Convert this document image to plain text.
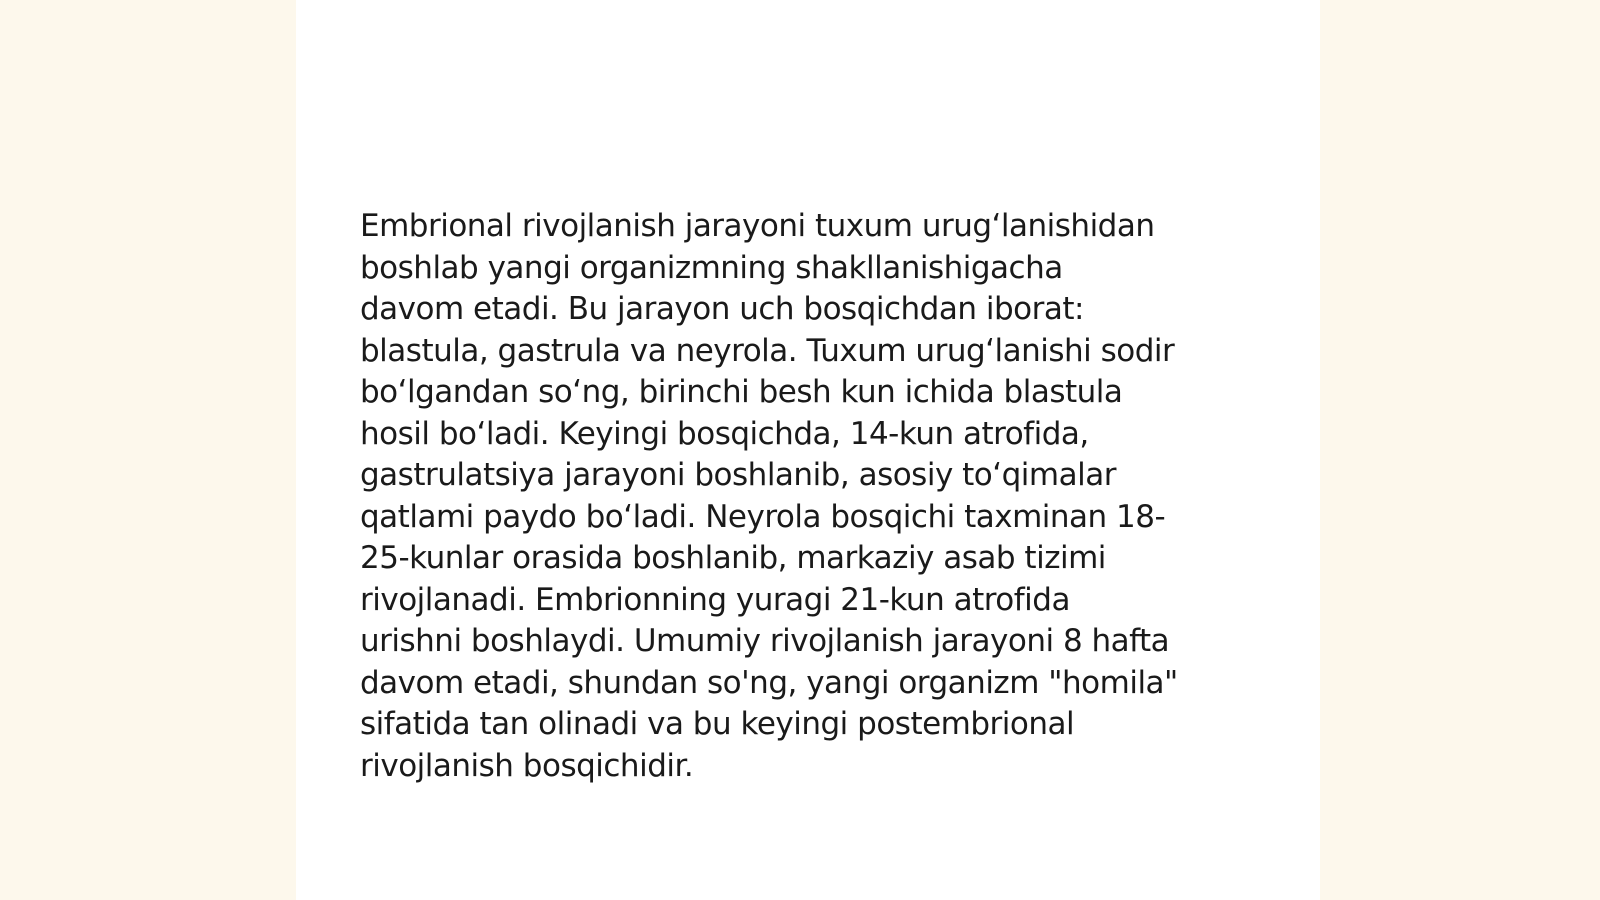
Embrional rivojlanish jarayoni tuxum urugʻlanishidan
boshlab yangi organizmning shakllanishigacha
davom etadi. Bu jarayon uch bosqichdan iborat:
blastula, gastrula va neyrola. Tuxum urugʻlanishi sodir
boʻlgandan soʻng, birinchi besh kun ichida blastula
hosil boʻladi. Keyingi bosqichda, 14-kun atrofida,
gastrulatsiya jarayoni boshlanib, asosiy toʻqimalar
qatlami paydo boʻladi. Neyrola bosqichi taxminan 18-
25-kunlar orasida boshlanib, markaziy asab tizimi
rivojlanadi. Embrionning yuragi 21-kun atrofida
urishni boshlaydi. Umumiy rivojlanish jarayoni 8 hafta
davom etadi, shundan so'ng, yangi organizm "homila"
sifatida tan olinadi va bu keyingi postembrional
rivojlanish bosqichidir.
